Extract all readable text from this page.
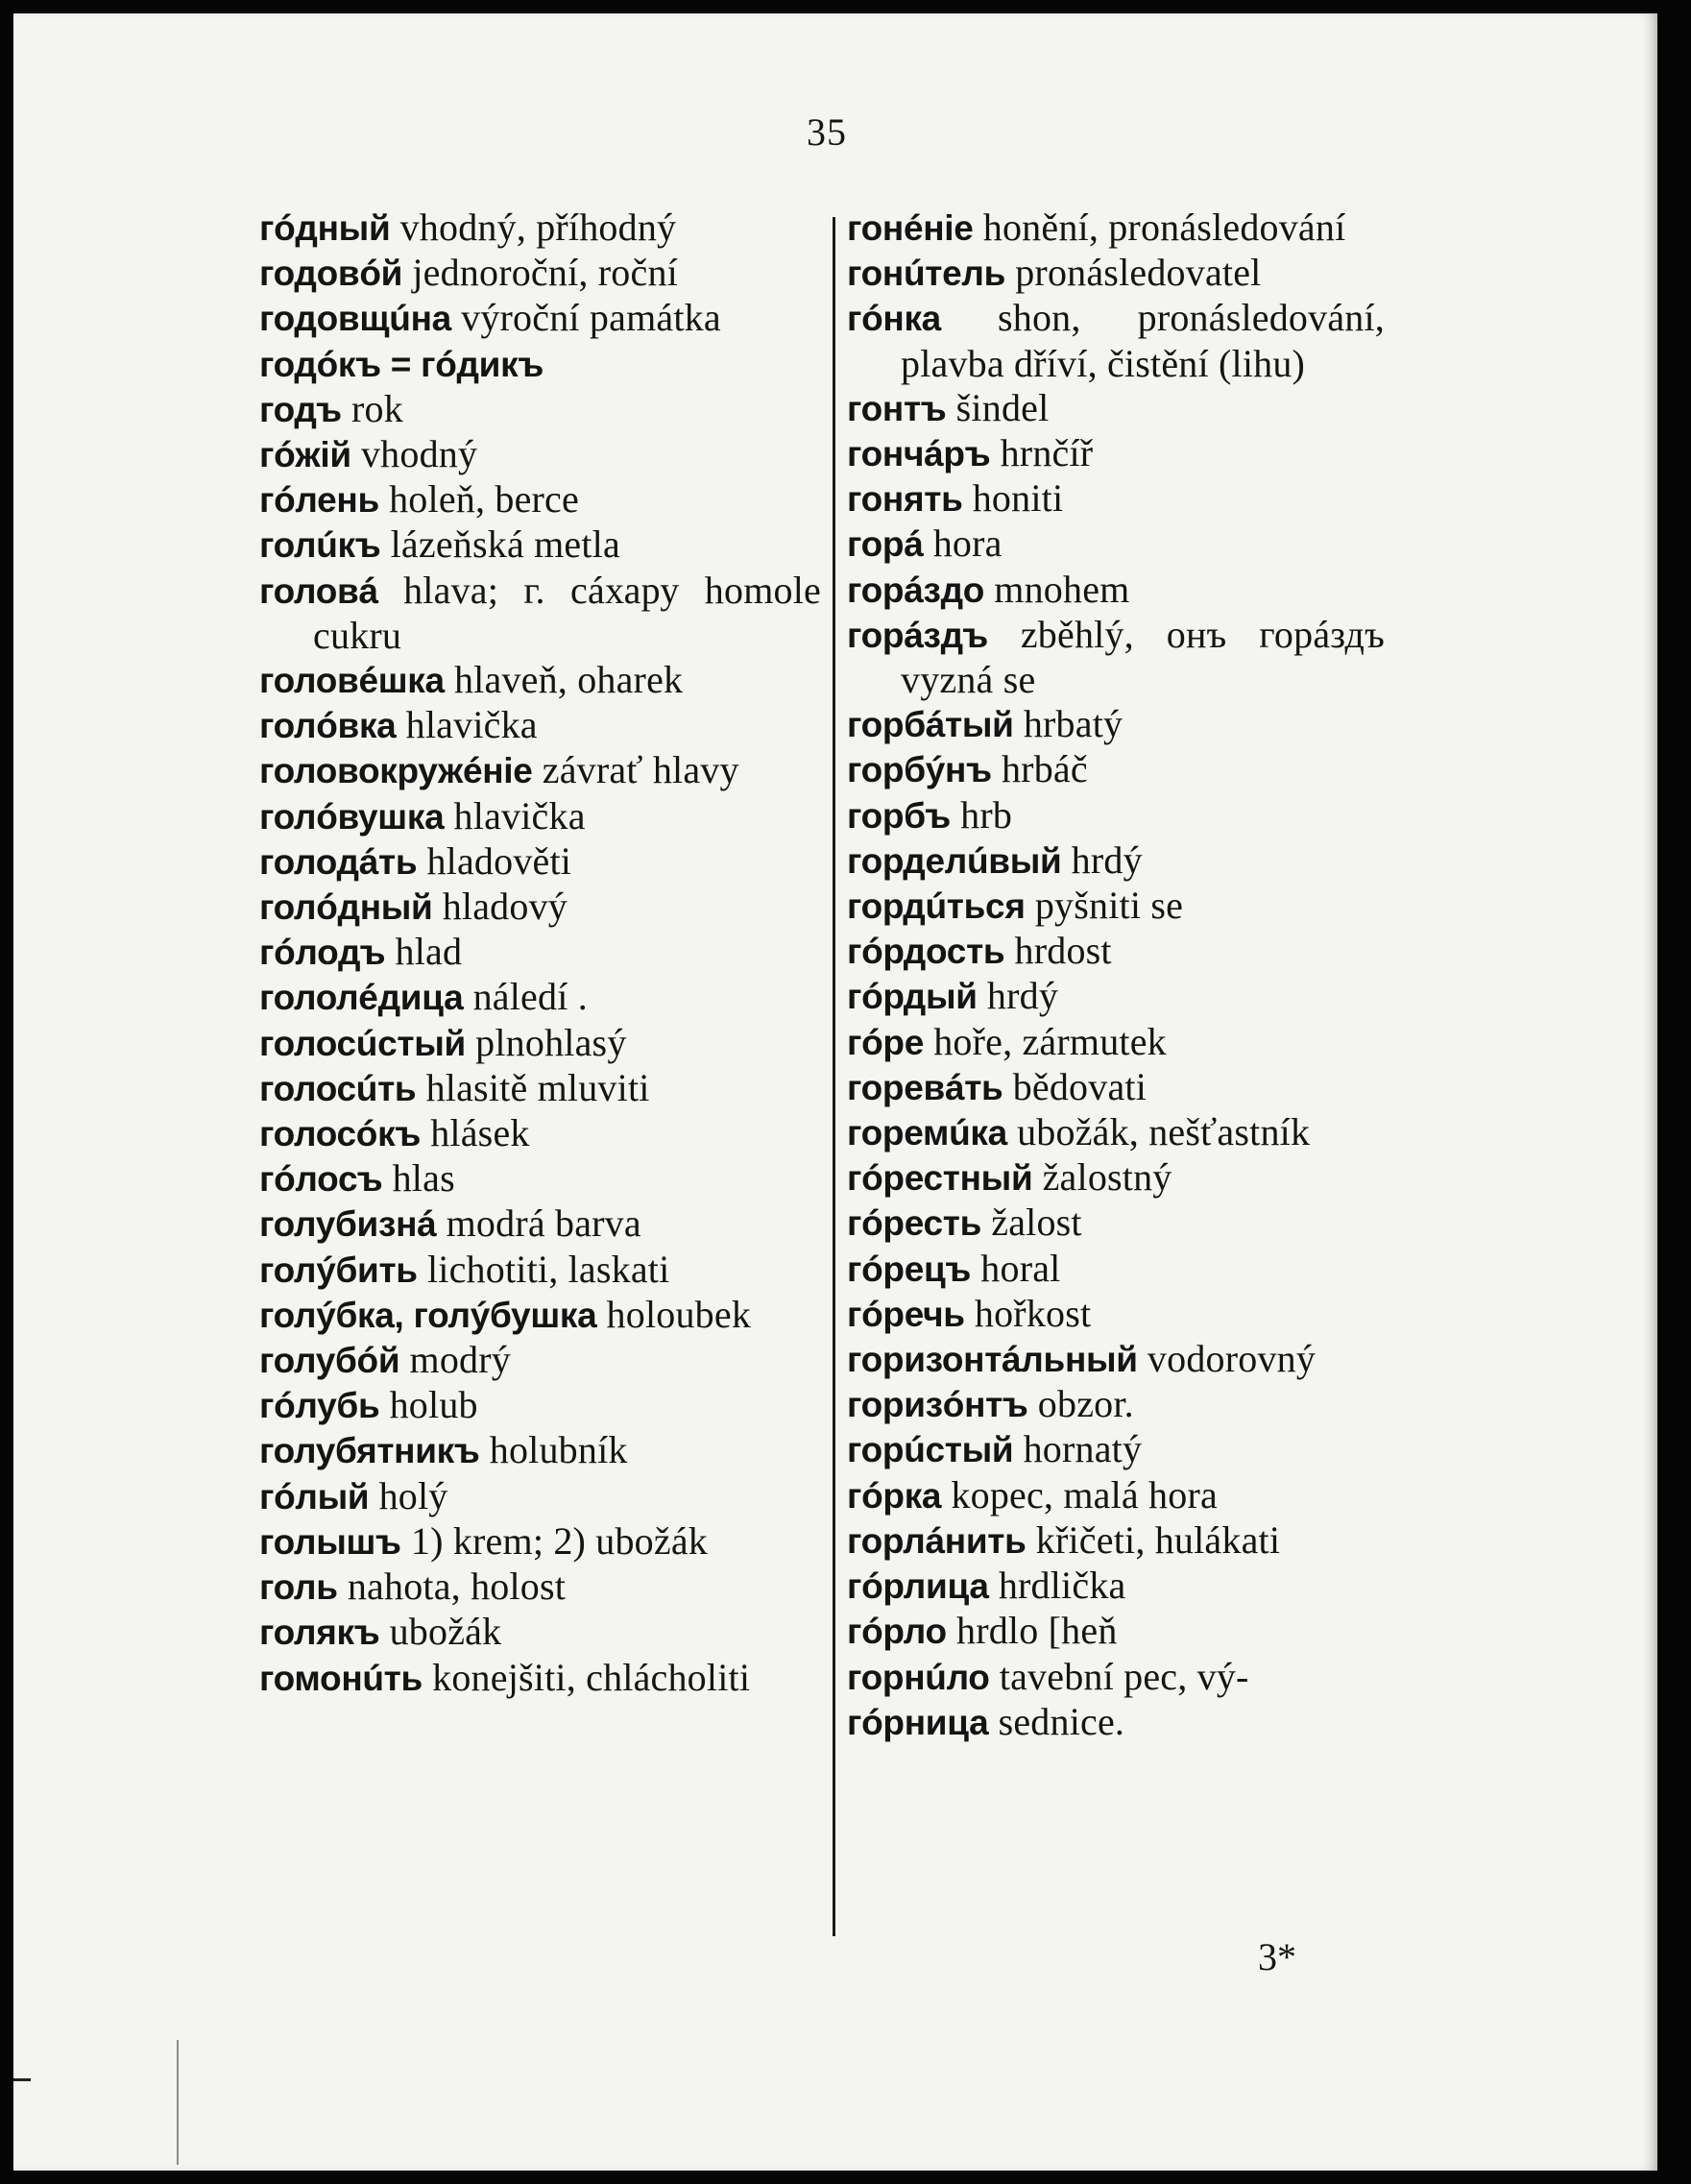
35
гóдный vhodný, příhodný
годовóй jednoroční, roční
годовщúна výroční památka
годóкъ = гóдикъ
годъ rok
гóжій vhodný
гóлень holeň, berce
голúкъ lázeňská metla
головá hlava; г. сáхару homole cukru
головéшка hlaveň, oharek
голóвка hlavička
головокружéніе závrať hlavy
голóвушка hlavička
голодáть hladověti
голóдный hladový
гóлодъ hlad
гололéдица náledí .
голосúстый plnohlasý
голосúть hlasitě mluviti
голосóкъ hlásek
гóлосъ hlas
голубизнá modrá barva
голýбить lichotiti, laskati
голýбка, голýбушка holoubek
голубóй modrý
гóлубь holub
голубятникъ holubník
гóлый holý
голышъ 1) krem; 2) ubožák
голь nahota, holost
голякъ ubožák
гомонúть konejšiti, chlácholiti
гонéніе honění, pronásledování
гонúтель pronásledovatel
гóнка shon, pronásledování, plavba dříví, čistění (lihu)
гонтъ šindel
гончáръ hrnčíř
гонять honiti
горá hora
горáздо mnohem
горáздъ zběhlý, онъ горáздъ vyzná se
горбáтый hrbatý
горбýнъ hrbáč
горбъ hrb
горделúвый hrdý
гордúться pyšniti se
гóрдость hrdost
гóрдый hrdý
гóре hoře, zármutek
горевáть bědovati
горемúка ubožák, nešťastník
гóрестный žalostný
гóресть žalost
гóрецъ horal
гóречь hořkost
горизонтáльный vodorovný
горизóнтъ obzor.
горúстый hornatý
гóрка kopec, malá hora
горлáнить křičeti, hulákati
гóрлица hrdlička
гóрло hrdlo [heň
горнúло tavební pec, vý-
гóрница sednice.
3*
